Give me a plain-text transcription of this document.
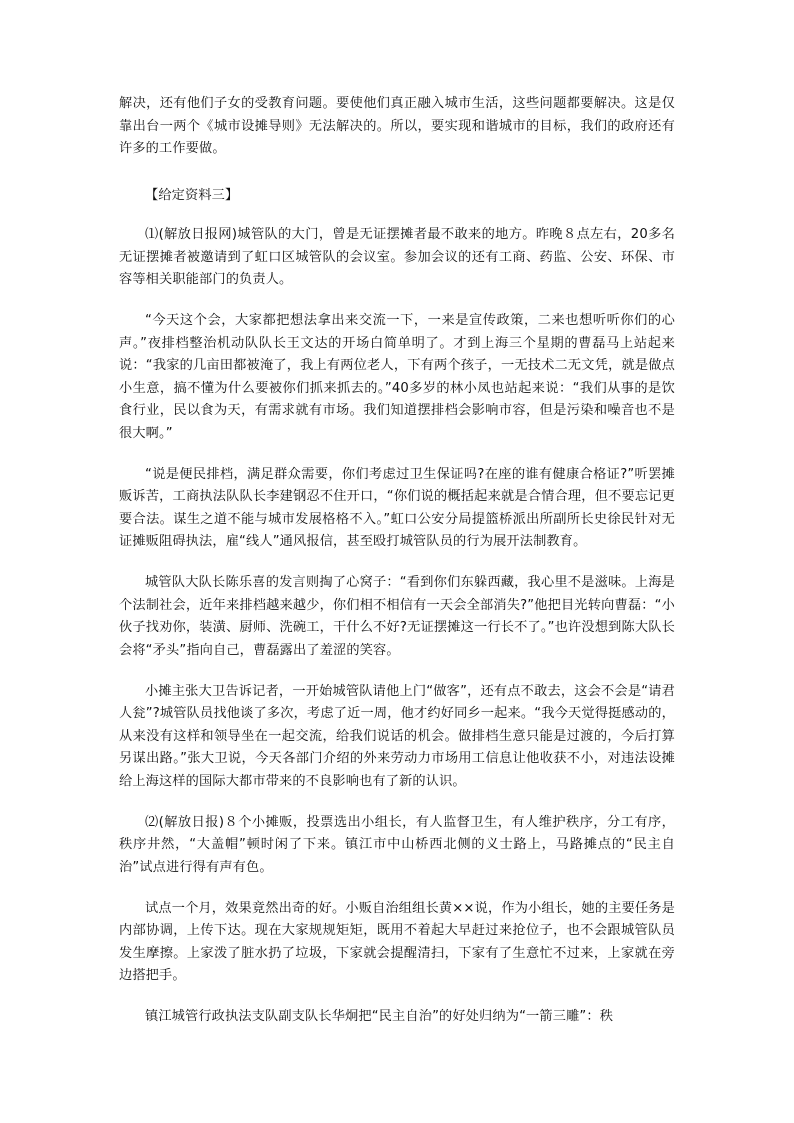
解决，还有他们子女的受教育问题。要使他们真正融入城市生活，这些问题都要解决。这是仅靠出台一两个《城市设摊导则》无法解决的。所以，要实现和谐城市的目标，我们的政府还有许多的工作要做。

【给定资料三】

⑴(解放日报网)城管队的大门，曾是无证摆摊者最不敢来的地方。昨晚８点左右，20多名无证摆摊者被邀请到了虹口区城管队的会议室。参加会议的还有工商、药监、公安、环保、市容等相关职能部门的负责人。

“今天这个会，大家都把想法拿出来交流一下，一来是宣传政策，二来也想听听你们的心声。”夜排档整治机动队队长王文达的开场白简单明了。才到上海三个星期的曹磊马上站起来说：“我家的几亩田都被淹了，我上有两位老人，下有两个孩子，一无技术二无文凭，就是做点小生意，搞不懂为什么要被你们抓来抓去的。”40多岁的林小凤也站起来说：“我们从事的是饮食行业，民以食为天，有需求就有市场。我们知道摆排档会影响市容，但是污染和噪音也不是很大啊。”

“说是便民排档，满足群众需要，你们考虑过卫生保证吗?在座的谁有健康合格证?”听罢摊贩诉苦，工商执法队队长李建钢忍不住开口，“你们说的概括起来就是合情合理，但不要忘记更要合法。谋生之道不能与城市发展格格不入。”虹口公安分局提篮桥派出所副所长史徐民针对无证摊贩阻碍执法，雇“线人”通风报信，甚至殴打城管队员的行为展开法制教育。

城管队大队长陈乐喜的发言则掏了心窝子：“看到你们东躲西藏，我心里不是滋味。上海是个法制社会，近年来排档越来越少，你们相不相信有一天会全部消失?”他把目光转向曹磊：“小伙子找劝你，装潢、厨师、洗碗工，干什么不好?无证摆摊这一行长不了。”也许没想到陈大队长会将“矛头”指向自己，曹磊露出了羞涩的笑容。

小摊主张大卫告诉记者，一开始城管队请他上门“做客”，还有点不敢去，这会不会是“请君人瓮”?城管队员找他谈了多次，考虑了近一周，他才约好同乡一起来。“我今天觉得挺感动的，从来没有这样和领导坐在一起交流，给我们说话的机会。做排档生意只能是过渡的，今后打算另谋出路。”张大卫说，今天各部门介绍的外来劳动力市场用工信息让他收获不小，对违法设摊给上海这样的国际大都市带来的不良影响也有了新的认识。

⑵(解放日报)８个小摊贩，投票选出小组长，有人监督卫生，有人维护秩序，分工有序，秩序井然，“大盖帽”顿时闲了下来。镇江市中山桥西北侧的义士路上，马路摊点的“民主自治”试点进行得有声有色。

试点一个月，效果竟然出奇的好。小贩自治组组长黄××说，作为小组长，她的主要任务是内部协调，上传下达。现在大家规规矩矩，既用不着起大早赶过来抢位子，也不会跟城管队员发生摩擦。上家泼了脏水扔了垃圾，下家就会提醒清扫，下家有了生意忙不过来，上家就在旁边搭把手。

镇江城管行政执法支队副支队长华炯把“民主自治”的好处归纳为“一箭三雕”：秩
